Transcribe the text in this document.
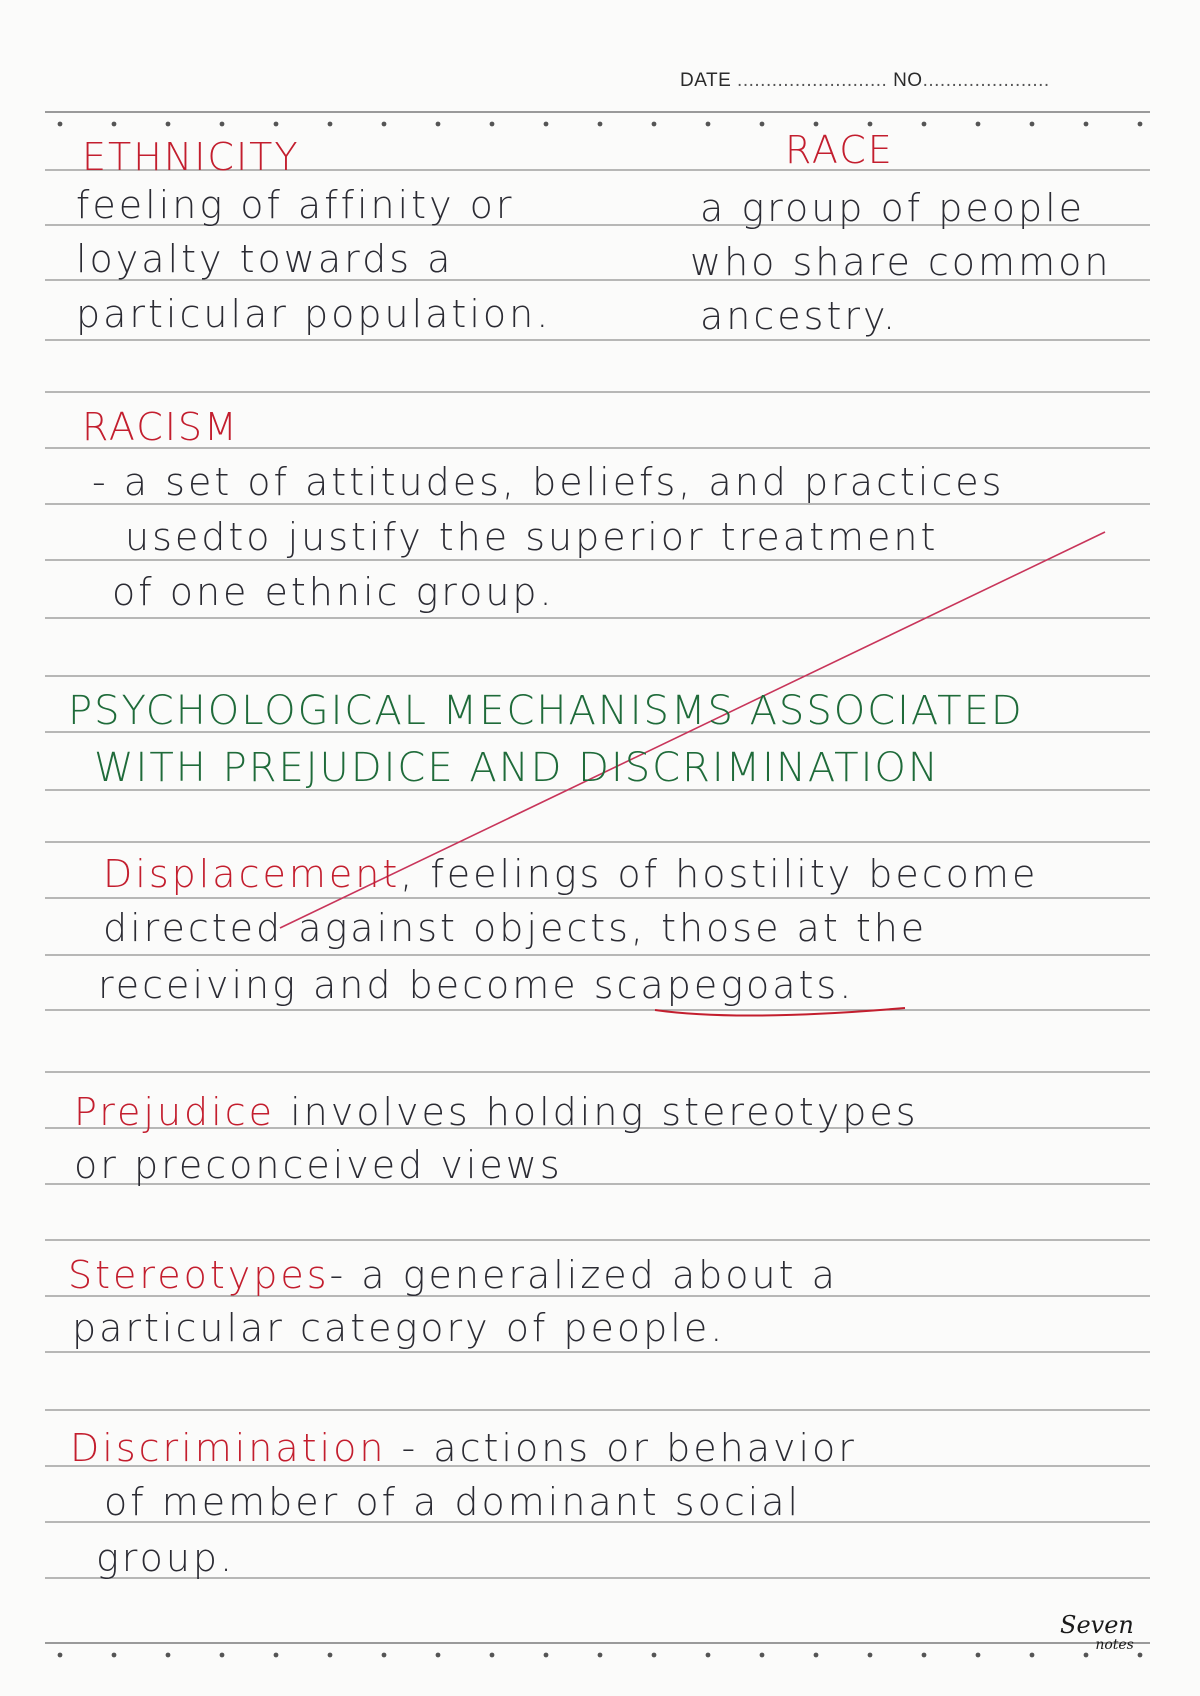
DATE .......................... NO......................
ETHNICITY
feeling of affinity or
loyalty towards a
particular population.
RACE
a group of people
who share common
ancestry.
RACISM
- a set of attitudes, beliefs, and practices
usedto justify the superior treatment
of one ethnic group.
PSYCHOLOGICAL MECHANISMS ASSOCIATED
WITH PREJUDICE AND DISCRIMINATION
Displacement, feelings of hostility become
directed against objects, those at the
receiving and become scapegoats.
Prejudice involves holding stereotypes
or preconceived views
Stereotypes- a generalized about a
particular category of people.
Discrimination - actions or behavior
of member of a dominant social
group.
Seven
notes
